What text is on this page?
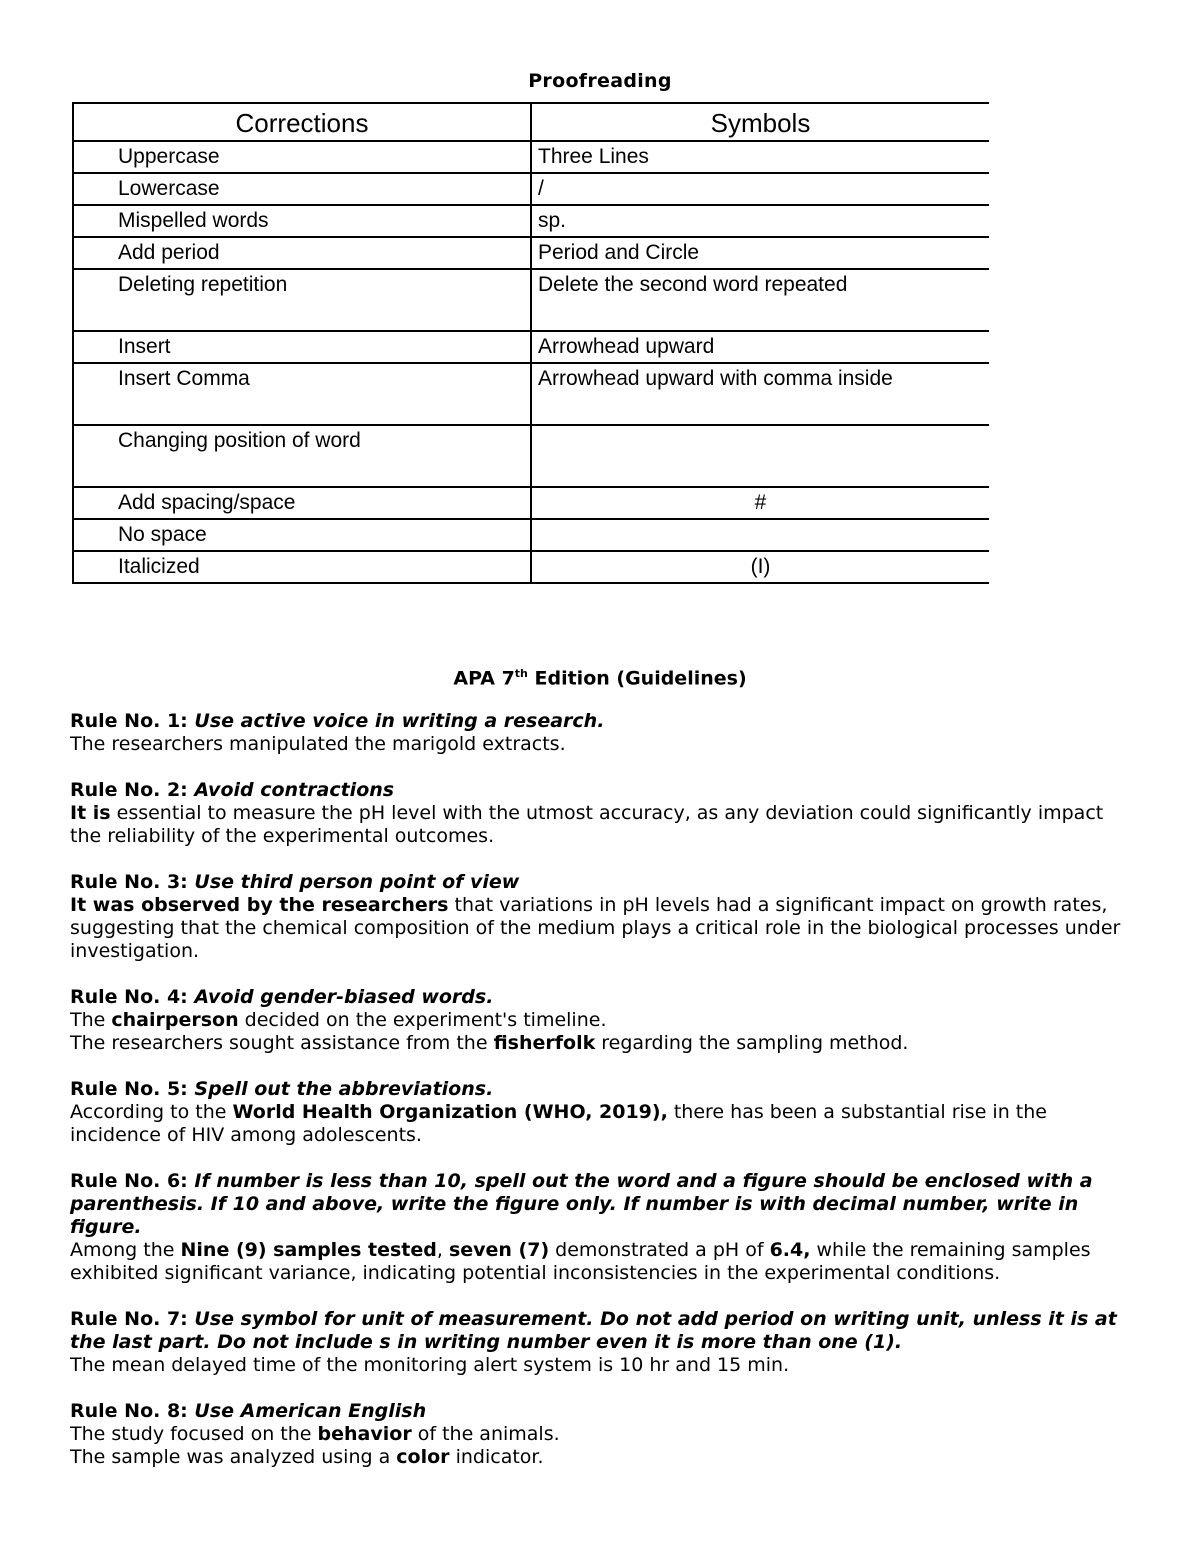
Proofreading
Corrections	Symbols
Uppercase	Three Lines
Lowercase	/
Mispelled words	sp.
Add period	Period and Circle
Deleting repetition	Delete the second word repeated
Insert	Arrowhead upward
Insert Comma	Arrowhead upward with comma inside
Changing position of word	
Add spacing/space	#
No space	
Italicized	(I)
APA 7th Edition (Guidelines)

Rule No. 1: Use active voice in writing a research.

The researchers manipulated the marigold extracts.

Rule No. 2: Avoid contractions

It is essential to measure the pH level with the utmost accuracy, as any deviation could significantly impact the reliability of the experimental outcomes.

Rule No. 3: Use third person point of view

It was observed by the researchers that variations in pH levels had a significant impact on growth rates, suggesting that the chemical composition of the medium plays a critical role in the biological processes under investigation.

Rule No. 4: Avoid gender-biased words.

The chairperson decided on the experiment's timeline.

The researchers sought assistance from the fisherfolk regarding the sampling method.

Rule No. 5: Spell out the abbreviations.

According to the World Health Organization (WHO, 2019), there has been a substantial rise in the incidence of HIV among adolescents.

Rule No. 6: If number is less than 10, spell out the word and a figure should be enclosed with a parenthesis. If 10 and above, write the figure only. If number is with decimal number, write in figure.

Among the Nine (9) samples tested, seven (7) demonstrated a pH of 6.4, while the remaining samples exhibited significant variance, indicating potential inconsistencies in the experimental conditions.

Rule No. 7: Use symbol for unit of measurement. Do not add period on writing unit, unless it is at the last part. Do not include s in writing number even it is more than one (1).

The mean delayed time of the monitoring alert system is 10 hr and 15 min.

Rule No. 8: Use American English

The study focused on the behavior of the animals.

The sample was analyzed using a color indicator.
